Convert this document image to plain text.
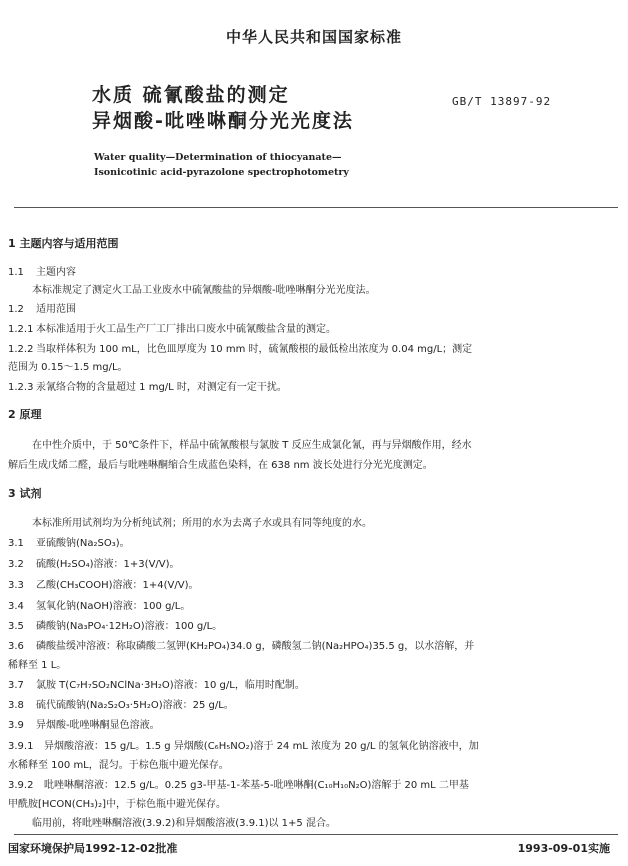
中华人民共和国国家标准
水质 硫氰酸盐的测定
异烟酸-吡唑啉酮分光光度法
GB/T 13897-92
Water quality—Determination of thiocyanate—
Isonicotinic acid-pyrazolone spectrophotometry
1 主题内容与适用范围
1.1 主题内容
本标准规定了测定火工品工业废水中硫氰酸盐的异烟酸-吡唑啉酮分光光度法。
1.2 适用范围
1.2.1 本标准适用于火工品生产厂工厂排出口废水中硫氰酸盐含量的测定。
1.2.2 当取样体积为 100 mL，比色皿厚度为 10 mm 时，硫氰酸根的最低检出浓度为 0.04 mg/L；测定
范围为 0.15～1.5 mg/L。
1.2.3 汞氰络合物的含量超过 1 mg/L 时，对测定有一定干扰。
2 原理
在中性介质中，于 50℃条件下，样品中硫氰酸根与氯胺 T 反应生成氯化氰，再与异烟酸作用，经水
解后生成戊烯二醛，最后与吡唑啉酮缩合生成蓝色染料，在 638 nm 波长处进行分光光度测定。
3 试剂
本标准所用试剂均为分析纯试剂；所用的水为去离子水或具有同等纯度的水。
3.1 亚硫酸钠(Na₂SO₃)。
3.2 硫酸(H₂SO₄)溶液：1+3(V/V)。
3.3 乙酸(CH₃COOH)溶液：1+4(V/V)。
3.4 氢氧化钠(NaOH)溶液：100 g/L。
3.5 磷酸钠(Na₃PO₄·12H₂O)溶液：100 g/L。
3.6 磷酸盐缓冲溶液：称取磷酸二氢钾(KH₂PO₄)34.0 g，磷酸氢二钠(Na₂HPO₄)35.5 g，以水溶解，并
稀释至 1 L。
3.7 氯胺 T(C₇H₇SO₂NClNa·3H₂O)溶液：10 g/L，临用时配制。
3.8 硫代硫酸钠(Na₂S₂O₃·5H₂O)溶液：25 g/L。
3.9 异烟酸-吡唑啉酮显色溶液。
3.9.1 异烟酸溶液：15 g/L。1.5 g 异烟酸(C₆H₅NO₂)溶于 24 mL 浓度为 20 g/L 的氢氧化钠溶液中，加
水稀释至 100 mL，混匀。于棕色瓶中避光保存。
3.9.2 吡唑啉酮溶液：12.5 g/L。0.25 g3-甲基-1-苯基-5-吡唑啉酮(C₁₀H₁₀N₂O)溶解于 20 mL 二甲基
甲酰胺[HCON(CH₃)₂]中，于棕色瓶中避光保存。
临用前，将吡唑啉酮溶液(3.9.2)和异烟酸溶液(3.9.1)以 1+5 混合。
国家环境保护局1992-12-02批准	1993-09-01实施
